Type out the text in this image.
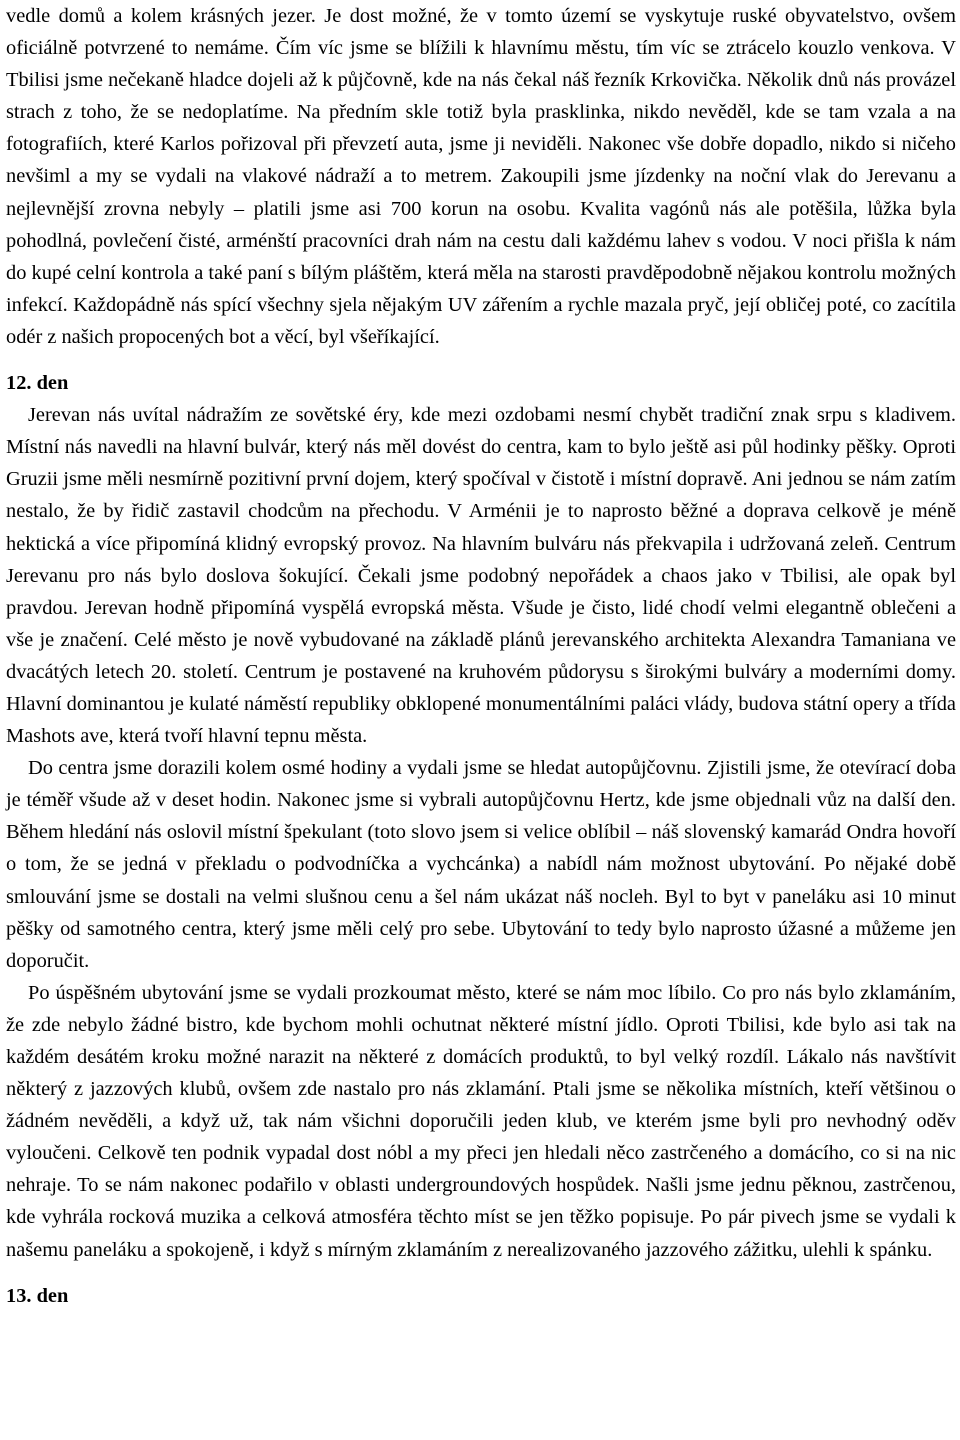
vedle domů a kolem krásných jezer. Je dost možné, že v tomto území se vyskytuje ruské obyvatelstvo, ovšem oficiálně potvrzené to nemáme. Čím víc jsme se blížili k hlavnímu městu, tím víc se ztrácelo kouzlo venkova. V Tbilisi jsme nečekaně hladce dojeli až k půjčovně, kde na nás čekal náš řezník Krkovička. Několik dnů nás provázel strach z toho, že se nedoplatíme. Na předním skle totiž byla prasklinka, nikdo nevěděl, kde se tam vzala a na fotografiích, které Karlos pořizoval při převzetí auta, jsme ji neviděli. Nakonec vše dobře dopadlo, nikdo si ničeho nevšiml a my se vydali na vlakové nádraží a to metrem. Zakoupili jsme jízdenky na noční vlak do Jerevanu a nejlevnější zrovna nebyly – platili jsme asi 700 korun na osobu. Kvalita vagónů nás ale potěšila, lůžka byla pohodlná, povlečení čisté, arménští pracovníci drah nám na cestu dali každému lahev s vodou. V noci přišla k nám do kupé celní kontrola a také paní s bílým pláštěm, která měla na starosti pravděpodobně nějakou kontrolu možných infekcí. Každopádně nás spící všechny sjela nějakým UV zářením a rychle mazala pryč, její obličej poté, co zacítila odér z našich propocených bot a věcí, byl všeříkající.

12. den

Jerevan nás uvítal nádražím ze sovětské éry, kde mezi ozdobami nesmí chybět tradiční znak srpu s kladivem. Místní nás navedli na hlavní bulvár, který nás měl dovést do centra, kam to bylo ještě asi půl hodinky pěšky. Oproti Gruzii jsme měli nesmírně pozitivní první dojem, který spočíval v čistotě i místní dopravě. Ani jednou se nám zatím nestalo, že by řidič zastavil chodcům na přechodu. V Arménii je to naprosto běžné a doprava celkově je méně hektická a více připomíná klidný evropský provoz. Na hlavním bulváru nás překvapila i udržovaná zeleň. Centrum Jerevanu pro nás bylo doslova šokující. Čekali jsme podobný nepořádek a chaos jako v Tbilisi, ale opak byl pravdou. Jerevan hodně připomíná vyspělá evropská města. Všude je čisto, lidé chodí velmi elegantně oblečeni a vše je značení. Celé město je nově vybudované na základě plánů jerevanského architekta Alexandra Tamaniana ve dvacátých letech 20. století. Centrum je postavené na kruhovém půdorysu s širokými bulváry a moderními domy. Hlavní dominantou je kulaté náměstí republiky obklopené monumentálními paláci vlády, budova státní opery a třída Mashots ave, která tvoří hlavní tepnu města.

Do centra jsme dorazili kolem osmé hodiny a vydali jsme se hledat autopůjčovnu. Zjistili jsme, že otevírací doba je téměř všude až v deset hodin. Nakonec jsme si vybrali autopůjčovnu Hertz, kde jsme objednali vůz na další den. Během hledání nás oslovil místní špekulant (toto slovo jsem si velice oblíbil – náš slovenský kamarád Ondra hovoří o tom, že se jedná v překladu o podvodníčka a vychcánka) a nabídl nám možnost ubytování. Po nějaké době smlouvání jsme se dostali na velmi slušnou cenu a šel nám ukázat náš nocleh. Byl to byt v paneláku asi 10 minut pěšky od samotného centra, který jsme měli celý pro sebe. Ubytování to tedy bylo naprosto úžasné a můžeme jen doporučit.

Po úspěšném ubytování jsme se vydali prozkoumat město, které se nám moc líbilo. Co pro nás bylo zklamáním, že zde nebylo žádné bistro, kde bychom mohli ochutnat některé místní jídlo. Oproti Tbilisi, kde bylo asi tak na každém desátém kroku možné narazit na některé z domácích produktů, to byl velký rozdíl. Lákalo nás navštívit některý z jazzových klubů, ovšem zde nastalo pro nás zklamání. Ptali jsme se několika místních, kteří většinou o žádném nevěděli, a když už, tak nám všichni doporučili jeden klub, ve kterém jsme byli pro nevhodný oděv vyloučeni. Celkově ten podnik vypadal dost nóbl a my přeci jen hledali něco zastrčeného a domácího, co si na nic nehraje. To se nám nakonec podařilo v oblasti undergroundových hospůdek. Našli jsme jednu pěknou, zastrčenou, kde vyhrála rocková muzika a celková atmosféra těchto míst se jen těžko popisuje. Po pár pivech jsme se vydali k našemu paneláku a spokojeně, i když s mírným zklamáním z nerealizovaného jazzového zážitku, ulehli k spánku.

13. den
